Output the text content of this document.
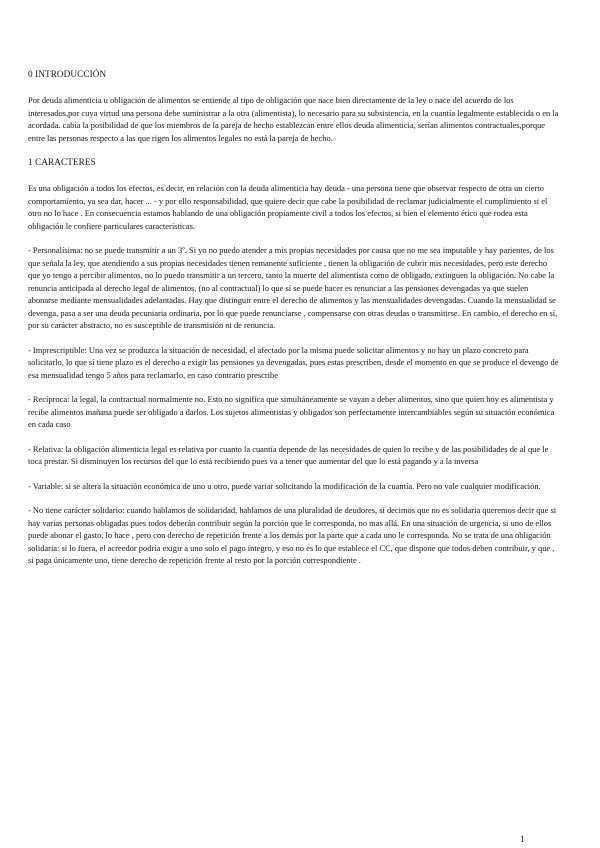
0 INTRODUCCIÓN

Por deuda alimenticia u obligación de alimentos se entiende al tipo de obligación que nace bien directamente de la ley o nace del acuerdo de los interesados,por cuya virtud una persona debe suministrar a la otra (alimentista), lo necesario para su subsistencia, en la cuantía legalmente establecida o en la acordada. cabía la posibilidad de que los miembros de la pareja de hecho establezcan entre ellos deuda alimenticia, serían alimentos contractuales,porque entre las personas respecto a las que rigen los alimentos legales no está la pareja de hecho.

1 CARACTERES

Es una obligación a todos los efectos, es decir, en relación con la deuda alimenticia hay deuda - una persona tiene que observar respecto de otra un cierto comportamiento, ya sea dar, hacer ... - y por ello responsabilidad, que quiere decir que cabe la posibilidad de reclamar judicialmente el cumplimiento si el otro no lo hace . En consecuencia estamos hablando de una obligación propiamente civil a todos los efectos, si bien el elemento ético que rodea esta obligación le confiere particulares características.

- Personalísima: no se puede transmitir a un 3º. Si yo no puedo atender a mis propias necesidades por causa que no me sea imputable y hay parientes, de los que señala la ley, que atendiendo a sus propias necesidades tienen remanente suficiente , tienen la obligación de cubrir mis necesidades, pero este derecho que yo tengo a percibir alimentos, no lo puedo transmitir a un tercero, tanto la muerte del alimentista como de obligado, extinguen la obligación. No cabe la renuncia anticipada al derecho legal de alimentos, (no al contractual) lo que sí se puede hacer es renunciar a las pensiones devengadas ya que suelen abonarse mediante mensualidades adelantadas. Hay que distinguir entre el derecho de alimentos y las mensualidades devengadas. Cuando la mensualidad se devenga, pasa a ser una deuda pecuniaria ordinaria, por lo que puede renunciarse , compensarse con otras deudas o transmitirse. En cambio, el derecho en sí, por su carácter abstracto, no es susceptible de transmisión ni de renuncia.

- Imprescriptible: Una vez se produzca la situación de necesidad, el afectado por la misma puede solicitar alimentos y no hay un plazo concreto para solicitarlo, lo que sí tiene plazo es el derecho a exigir las pensiones ya devengadas, pues estas prescriben, desde el momento en que se produce el devengo de esa mensualidad tengo 5 años para reclamarlo, en caso contrario prescribe

- Recíproca: la legal, la contractual normalmente no. Esto no significa que simultáneamente se vayan a deber alimentos, sino que quien hoy es alimentista y recibe alimentos mañana puede ser obligado a darlos. Los sujetos alimentistas y obligados son perfectamente intercambiables según su situación económica en cada caso

- Relativa: la obligación alimenticia legal es relativa por cuanto la cuantía depende de las necesidades de quien lo recibe y de las posibilidades de al que le toca prestar. Si disminuyen los recursos del que lo está recibiendo pues va a tener que aumentar del que lo está pagando y a la inversa

- Variable: si se altera la situación económica de uno u otro, puede variar solicitando la modificación de la cuantía. Pero no vale cualquier modificación.

- No tiene carácter solidario: cuando hablamos de solidaridad, hablamos de una pluralidad de deudores, si decimos que no es solidaria queremos decir que si hay varias personas obligadas pues todos deberán contribuir según la porción que le corresponda, no mas allá. En una situación de urgencia, si uno de ellos puede abonar el gasto, lo hace , pero con derecho de repetición frente a los demás por la parte que a cada uno le corresponda. No se trata de una obligación solidaria: si lo fuera, el acreedor podría exigir a uno solo el pago íntegro, y eso no es lo que establece el CC, que dispone que todos deben contribuir, y que , si paga únicamente uno, tiene derecho de repetición frente al resto por la porción correspondiente .

1
